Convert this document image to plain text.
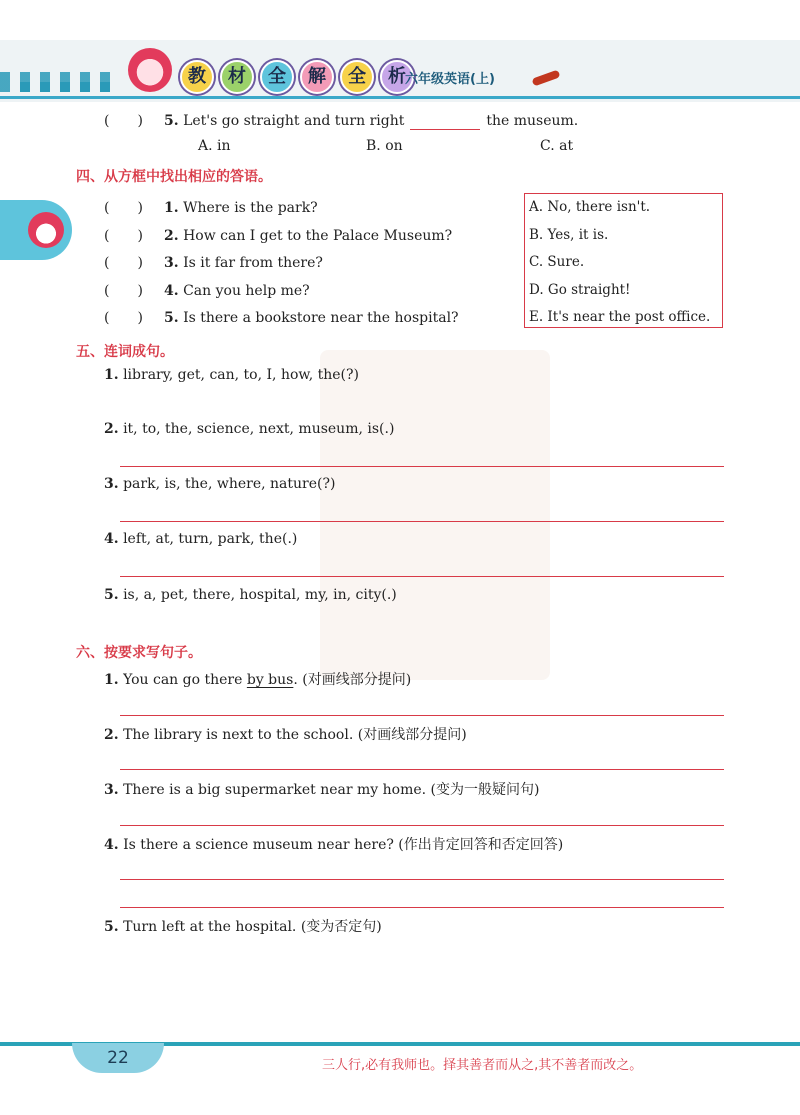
教	材	全	解	全	析 六年级英语(上)
(　　) 5. Let's go straight and turn right	the museum.
A. in	B. on	C. at
四、从方框中找出相应的答语。
(　　) 1. Where is the park?
(　　) 2. How can I get to the Palace Museum?
(　　) 3. Is it far from there?
(　　) 4. Can you help me?
(　　) 5. Is there a bookstore near the hospital?
A. No, there isn't.
B. Yes, it is.
C. Sure.
D. Go straight!
E. It's near the post office.
五、连词成句。
1. library, get, can, to, I, how, the(?)
2. it, to, the, science, next, museum, is(.)
3. park, is, the, where, nature(?)
4. left, at, turn, park, the(.)
5. is, a, pet, there, hospital, my, in, city(.)
六、按要求写句子。
1. You can go there by bus. (对画线部分提问)
2. The library is next to the school. (对画线部分提问)
3. There is a big supermarket near my home. (变为一般疑问句)
4. Is there a science museum near here? (作出肯定回答和否定回答)
5. Turn left at the hospital. (变为否定句)
22	三人行,必有我师也。择其善者而从之,其不善者而改之。
